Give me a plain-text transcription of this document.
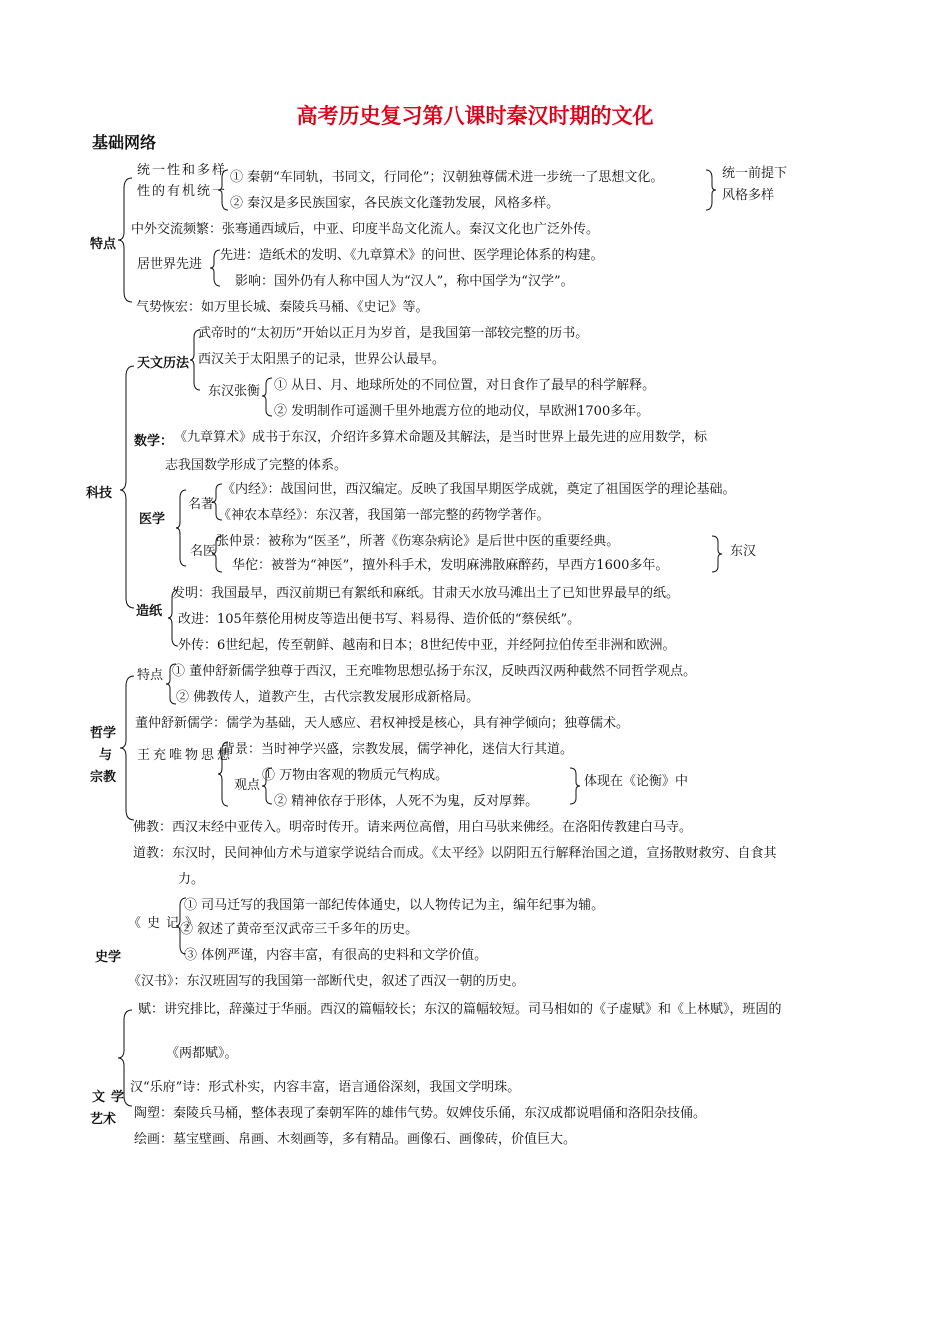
高考历史复习第八课时秦汉时期的文化
基础网络
特点
统一性和多样性的有机统一
① 秦朝“车同轨，书同文，行同伦”；汉朝独尊儒术进一步统一了思想文化。
② 秦汉是多民族国家，各民族文化蓬勃发展，风格多样。
统一前提下
风格多样
中外交流频繁：张骞通西域后，中亚、印度半岛文化流人。秦汉文化也广泛外传。
居世界先进
先进：造纸术的发明、《九章算术》的问世、医学理论体系的构建。
影响：国外仍有人称中国人为“汉人”，称中国学为“汉学”。
气势恢宏：如万里长城、秦陵兵马桶、《史记》等。
科技
天文历法
武帝时的“太初历”开始以正月为岁首，是我国第一部较完整的历书。
西汉关于太阳黑子的记录，世界公认最早。
东汉张衡 ① 从日、月、地球所处的不同位置，对日食作了最早的科学解释。
② 发明制作可遥测千里外地震方位的地动仪，早欧洲1700多年。
数学： 《九章算术》成书于东汉，介绍许多算术命题及其解法，是当时世界上最先进的应用数学，标
志我国数学形成了完整的体系。
医学
名著
《内经》：战国问世，西汉编定。反映了我国早期医学成就，奠定了祖国医学的理论基础。
《神农本草经》：东汉著，我国第一部完整的药物学著作。
名医
张仲景：被称为“医圣”，所著《伤寒杂病论》是后世中医的重要经典。
华佗：被誉为“神医”，擅外科手术，发明麻沸散麻醉药，早西方1600多年。
东汉
造纸
发明：我国最早，西汉前期已有絮纸和麻纸。甘肃天水放马滩出土了已知世界最早的纸。
改进：105年蔡伦用树皮等造出便书写、料易得、造价低的“蔡侯纸”。
外传：6世纪起，传至朝鲜、越南和日本；8世纪传中亚，并经阿拉伯传至非洲和欧洲。
哲学
与
宗教
特点 ① 董仲舒新儒学独尊于西汉，王充唯物思想弘扬于东汉，反映西汉两种截然不同哲学观点。
② 佛教传人，道教产生，古代宗教发展形成新格局。
董仲舒新儒学：儒学为基础，天人感应、君权神授是核心，具有神学倾向；独尊儒术。
王充唯物思想
背景：当时神学兴盛，宗教发展，儒学神化，迷信大行其道。
观点
① 万物由客观的物质元气构成。
② 精神依存于形体，人死不为鬼，反对厚葬。
体现在《论衡》中
佛教：西汉末经中亚传入。明帝时传开。请来两位高僧，用白马驮来佛经。在洛阳传教建白马寺。
道教：东汉时，民间神仙方术与道家学说结合而成。《太平经》以阴阳五行解释治国之道，宣扬散财救穷、自食其
力。
史学
《史记》
① 司马迁写的我国第一部纪传体通史，以人物传记为主，编年纪事为辅。
② 叙述了黄帝至汉武帝三千多年的历史。
③ 体例严谨，内容丰富，有很高的史料和文学价值。
《汉书》：东汉班固写的我国第一部断代史，叙述了西汉一朝的历史。
文学
艺术
赋：讲究排比，辞藻过于华丽。西汉的篇幅较长；东汉的篇幅较短。司马相如的《子虚赋》和《上林赋》，班固的
《两都赋》。
汉“乐府”诗：形式朴实，内容丰富，语言通俗深刻，我国文学明珠。
陶塑：秦陵兵马桶，整体表现了秦朝军阵的雄伟气势。奴婢伎乐俑，东汉成都说唱俑和洛阳杂技俑。
绘画：墓宝壁画、帛画、木刻画等，多有精品。画像石、画像砖，价值巨大。
